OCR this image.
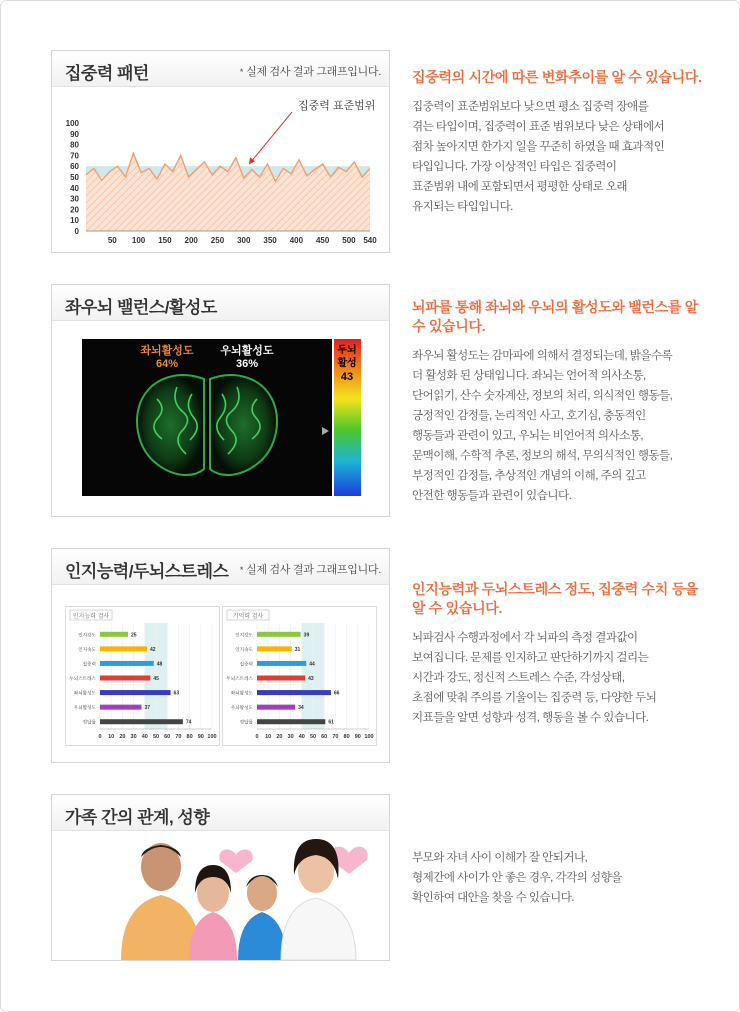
집중력 패턴	* 실제 검사 결과 그래프입니다.
0
10
20
30
40
50
60
70
80
90
100
50 100 150 200 250 300 350 400 450 500 540
집중력 표준범위
집중력의 시간에 따른 변화추이를 알 수 있습니다.

집중력이 표준범위보다 낮으면 평소 집중력 장애를

겪는 타입이며, 집중력이 표준 범위보다 낮은 상태에서

점차 높아지면 한가지 일을 꾸준히 하였을 때 효과적인

타입입니다. 가장 이상적인 타입은 집중력이

표준범위 내에 포함되면서 평평한 상태로 오래

유지되는 타입입니다.

좌우뇌 밸런스/활성도
좌뇌활성도
64%
우뇌활성도
36%
두뇌
활성
43
뇌파를 통해 좌뇌와 우뇌의 활성도와 밸런스를 알 수 있습니다.

좌우뇌 활성도는 감마파에 의해서 결정되는데, 밝을수록

더 활성화 된 상태입니다. 좌뇌는 언어적 의사소통,

단어읽기, 산수 숫자계산, 정보의 처리, 의식적인 행동들,

긍정적인 감정들, 논리적인 사고, 호기심, 충동적인

행동들과 관련이 있고, 우뇌는 비언어적 의사소통,

문맥이해, 수학적 추론, 정보의 해석, 무의식적인 행동들,

부정적인 감정들, 추상적인 개념의 이해, 주의 깊고

안전한 행동들과 관련이 있습니다.

인지능력/두뇌스트레스 * 실제 검사 결과 그래프입니다.
인지능력 검사
0 10 20 30 40 50 60 70 80 90 100
인지강도	25
인지속도	42
집중력	48
두뇌스트레스	45
좌뇌활성도	63
우뇌활성도	37
정답률	74
기억력 검사
0 10 20 30 40 50 60 70 80 90 100
인지강도	39
인지속도	31
집중력	44
두뇌스트레스	43
좌뇌활성도	66
우뇌활성도	34
정답률	61
인지능력과 두뇌스트레스 정도, 집중력 수치 등을 알 수 있습니다.

뇌파검사 수행과정에서 각 뇌파의 측정 결과값이

보여집니다. 문제를 인지하고 판단하기까지 걸리는

시간과 강도, 정신적 스트레스 수준, 각성상태,

초점에 맞춰 주의를 기울이는 집중력 등, 다양한 두뇌

지표들을 알면 성향과 성격, 행동을 볼 수 있습니다.

가족 간의 관계, 성향

부모와 자녀 사이 이해가 잘 안되거나,

형제간에 사이가 안 좋은 경우, 각각의 성향을

확인하여 대안을 찾을 수 있습니다.
